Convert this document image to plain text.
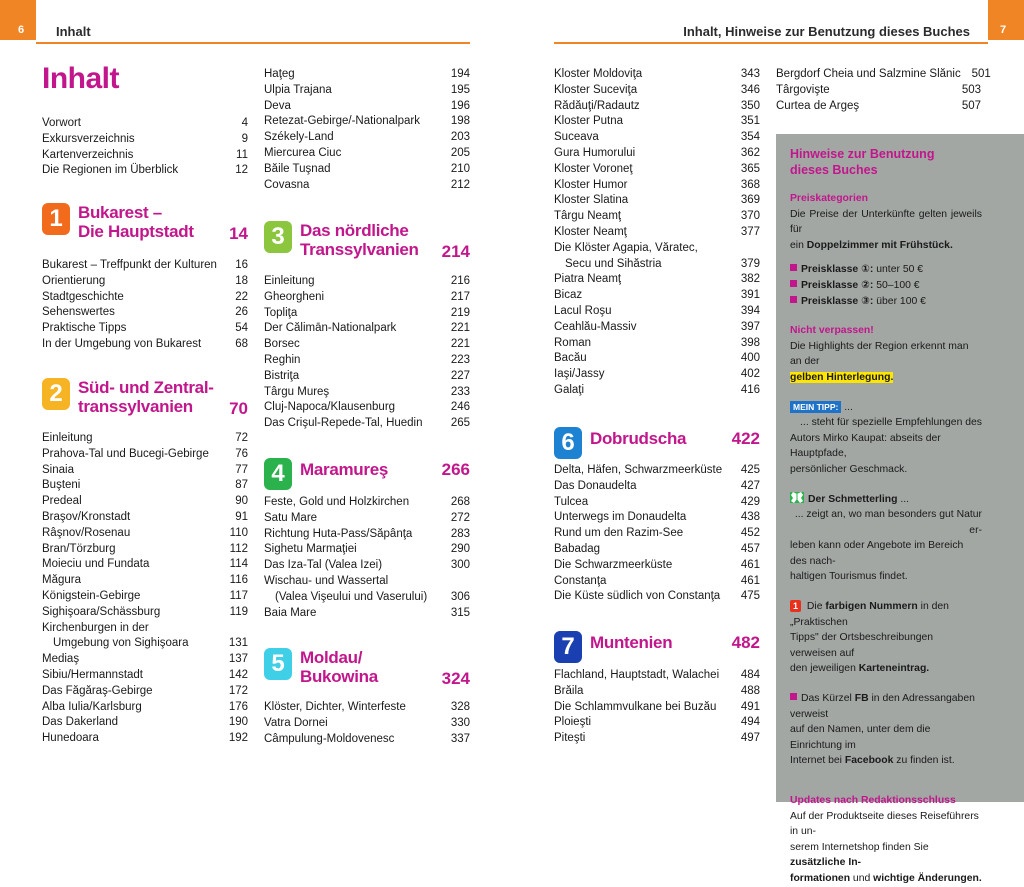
6 Inhalt	7
Inhalt, Hinweise zur Benutzung dieses Buches
Inhalt
Vorwort	4
Exkursverzeichnis	9
Kartenverzeichnis	11
Die Regionen im Überblick	12
1 Bukarest –
Die Hauptstadt 14
Bukarest – Treffpunkt der Kulturen	16
Orientierung	18
Stadtgeschichte	22
Sehenswertes	26
Praktische Tipps	54
In der Umgebung von Bukarest	68
2 Süd- und Zentral-
transsylvanien	70
Einleitung	72
Prahova-Tal und Bucegi-Gebirge	76
Sinaia	77
Buşteni	87
Predeal	90
Braşov/Kronstadt	91
Râşnov/Rosenau	110
Bran/Törzburg	112
Moieciu und Fundata	114
Măgura	116
Königstein-Gebirge	117
Sighişoara/Schässburg	119
Kirchenburgen in der
Umgebung von Sighişoara	131
Mediaş	137
Sibiu/Hermannstadt	142
Das Făgăraş-Gebirge	172
Alba Iulia/Karlsburg	176
Das Dakerland	190
Hunedoara	192
Haţeg	194
Ulpia Trajana	195
Deva	196
Retezat-Gebirge/-Nationalpark	198
Székely-Land	203
Miercurea Ciuc	205
Băile Tuşnad	210
Covasna	212
3 Das nördliche
Transsylvanien 214
Einleitung	216
Gheorgheni	217
Topliţa	219
Der Călimān-Nationalpark	221
Borsec	221
Reghin	223
Bistriţa	227
Târgu Mureş	233
Cluj-Napoca/Klausenburg	246
Das Crişul-Repede-Tal, Huedin	265
4 Maramureş	266
Feste, Gold und Holzkirchen	268
Satu Mare	272
Richtung Huta-Pass/Săpânţa	283
Sighetu Marmaţiei	290
Das Iza-Tal (Valea Izei)	300
Wischau- und Wassertal
(Valea Vişeului und Vaserului)	306
Baia Mare	315
5 Moldau/
Bukowina	324
Klöster, Dichter, Winterfeste	328
Vatra Dornei	330
Câmpulung-Moldovenesc	337
Kloster Moldoviţa	343
Kloster Suceviţa	346
Rădăuţi/Radautz	350
Kloster Putna	351
Suceava	354
Gura Humorului	362
Kloster Voroneţ	365
Kloster Humor	368
Kloster Slatina	369
Târgu Neamţ	370
Kloster Neamţ	377
Die Klöster Agapia, Văratec,
Secu und Sihăstria	379
Piatra Neamţ	382
Bicaz	391
Lacul Roşu	394
Ceahlău-Massiv	397
Roman	398
Bacău	400
Iaşi/Jassy	402
Galaţi	416
6 Dobrudscha	422
Delta, Häfen, Schwarzmeerküste	425
Das Donaudelta	427
Tulcea	429
Unterwegs im Donaudelta	438
Rund um den Razim-See	452
Babadag	457
Die Schwarzmeerküste	461
Constanţa	461
Die Küste südlich von Constanţa	475
7 Muntenien	482
Flachland, Hauptstadt, Walachei	484
Brăila	488
Die Schlammvulkane bei Buzău	491
Ploieşti	494
Piteşti	497
Bergdorf Cheia und Salzmine Slănic 501
Târgovişte	503
Curtea de Argeş	507
Hinweise zur Benutzung
dieses Buches
Preiskategorien
Die Preise der Unterkünfte gelten jeweils für
ein Doppelzimmer mit Frühstück.
Preisklasse ①: unter 50 €
Preisklasse ②: 50–100 €
Preisklasse ③: über 100 €
Nicht verpassen!
Die Highlights der Region erkennt man an der
gelben Hinterlegung.
MEIN TIPP: ...
... steht für spezielle Empfehlungen des
Autors Mirko Kaupat: abseits der Hauptpfade,
persönlicher Geschmack.
Der Schmetterling ...
... zeigt an, wo man besonders gut Natur er-
leben kann oder Angebote im Bereich des nach-
haltigen Tourismus findet.
1 Die farbigen Nummern in den „Praktischen
Tipps" der Ortsbeschreibungen verweisen auf
den jeweiligen Karteneintrag.
Das Kürzel FB in den Adressangaben verweist
auf den Namen, unter dem die Einrichtung im
Internet bei Facebook zu finden ist.
Updates nach Redaktionsschluss
Auf der Produktseite dieses Reiseführers in un-
serem Internetshop finden Sie zusätzliche In-
formationen und wichtige Änderungen.
